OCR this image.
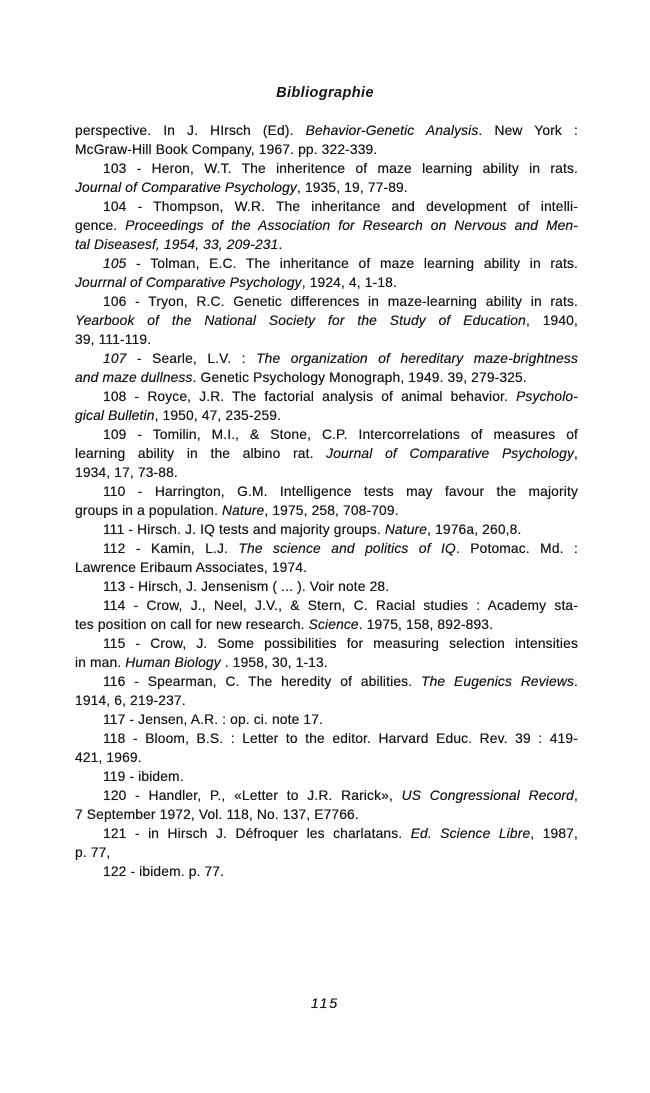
Bibliographie

perspective. In J. HIrsch (Ed). Behavior-Genetic Analysis. New York :
McGraw-Hill Book Company, 1967. pp. 322-339.

103 - Heron, W.T. The inheritence of maze learning ability in rats.
Journal of Comparative Psychology, 1935, 19, 77-89.

104 - Thompson, W.R. The inheritance and development of intelli-
gence. Proceedings of the Association for Research on Nervous and Men-
tal Diseasesf, 1954, 33, 209-231.

105 - Tolman, E.C. The inheritance of maze learning ability in rats.
Jourrnal of Comparative Psychology, 1924, 4, 1-18.

106 - Tryon, R.C. Genetic differences in maze-learning ability in rats.
Yearbook of the National Society for the Study of Education, 1940,
39, 111-119.

107 - Searle, L.V. : The organization of hereditary maze-brightness
and maze dullness. Genetic Psychology Monograph, 1949. 39, 279-325.

108 - Royce, J.R. The factorial analysis of animal behavior. Psycholo-
gical Bulletin, 1950, 47, 235-259.

109 - Tomilin, M.I., & Stone, C.P. Intercorrelations of measures of
learning ability in the albino rat. Journal of Comparative Psychology,
1934, 17, 73-88.

110 - Harrington, G.M. Intelligence tests may favour the majority
groups in a population. Nature, 1975, 258, 708-709.

111 - Hirsch. J. IQ tests and majority groups. Nature, 1976a, 260,8.

112 - Kamin, L.J. The science and politics of IQ. Potomac. Md. :
Lawrence Eribaum Associates, 1974.

113 - Hirsch, J. Jensenism ( ... ). Voir note 28.

114 - Crow, J., Neel, J.V., & Stern, C. Racial studies : Academy sta-
tes position on call for new research. Science. 1975, 158, 892-893.

115 - Crow, J. Some possibilities for measuring selection intensities
in man. Human Biology . 1958, 30, 1-13.

116 - Spearman, C. The heredity of abilities. The Eugenics Reviews.
1914, 6, 219-237.

117 - Jensen, A.R. : op. ci. note 17.

118 - Bloom, B.S. : Letter to the editor. Harvard Educ. Rev. 39 : 419-
421, 1969.

119 - ibidem.

120 - Handler, P., «Letter to J.R. Rarick», US Congressional Record,
7 September 1972, Vol. 118, No. 137, E7766.

121 - in Hirsch J. Défroquer les charlatans. Ed. Science Libre, 1987,
p. 77,

122 - ibidem. p. 77.

115
